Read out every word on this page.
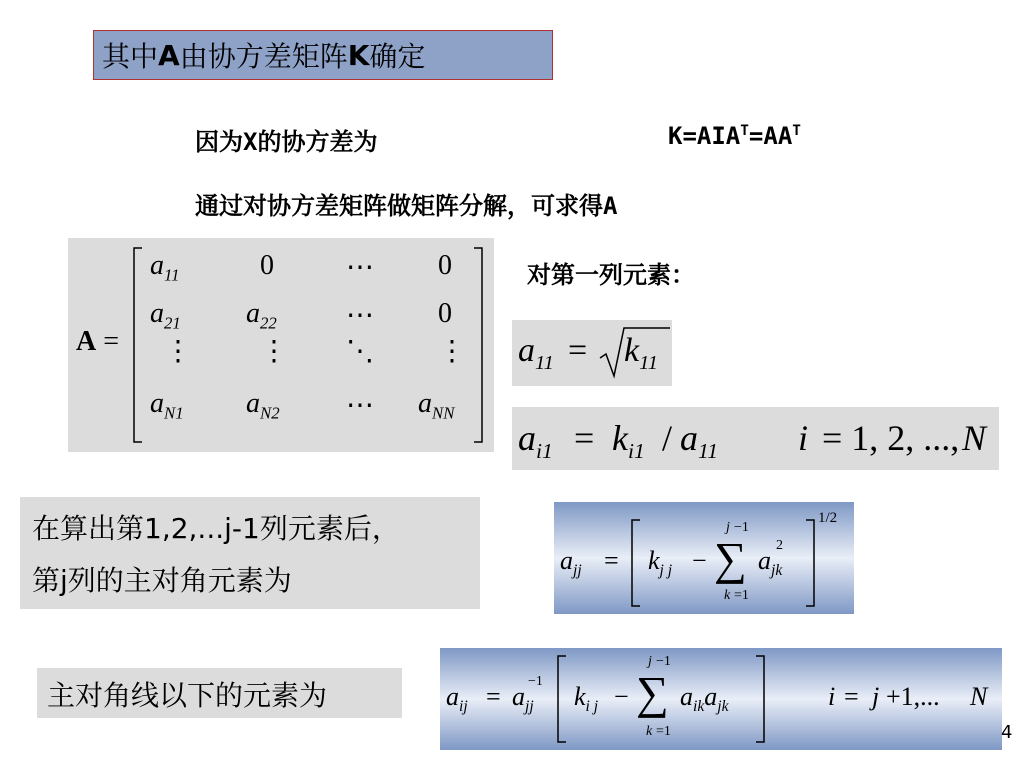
其中 A 由协方差矩阵 K 确定
因为X的协方差为	$K=AIA^T=AA^T$
通过对协方差矩阵做矩阵分解，可求得A
A =
$a_{11}$	0	⋯ 0
$a_{21}$ $a_{22}$ ⋯ 0
⋮ ⋮ ⋱ ⋮
$a_{N1}$ $a_{N2}$ ⋯ $a_{NN}$
对第一列元素：
$a_{11} = k_{11}$
$a_{i1} = k_{i1} / a_{11}$ i = 1, 2, ..., N
在算出第1,2,...j-1列元素后，
第j列的主对角元素为
$a_{jj} = k_{j j}$ −
j −1
∑
k =1
$a_{jk}$
2
1/2
主对角线以下的元素为	$a_{ij} = a_{jj}$
−1
$k_{i j}$ −
j −1
∑
k =1
$a_{ik}a_{jk}$	i = j +1,... N
4
